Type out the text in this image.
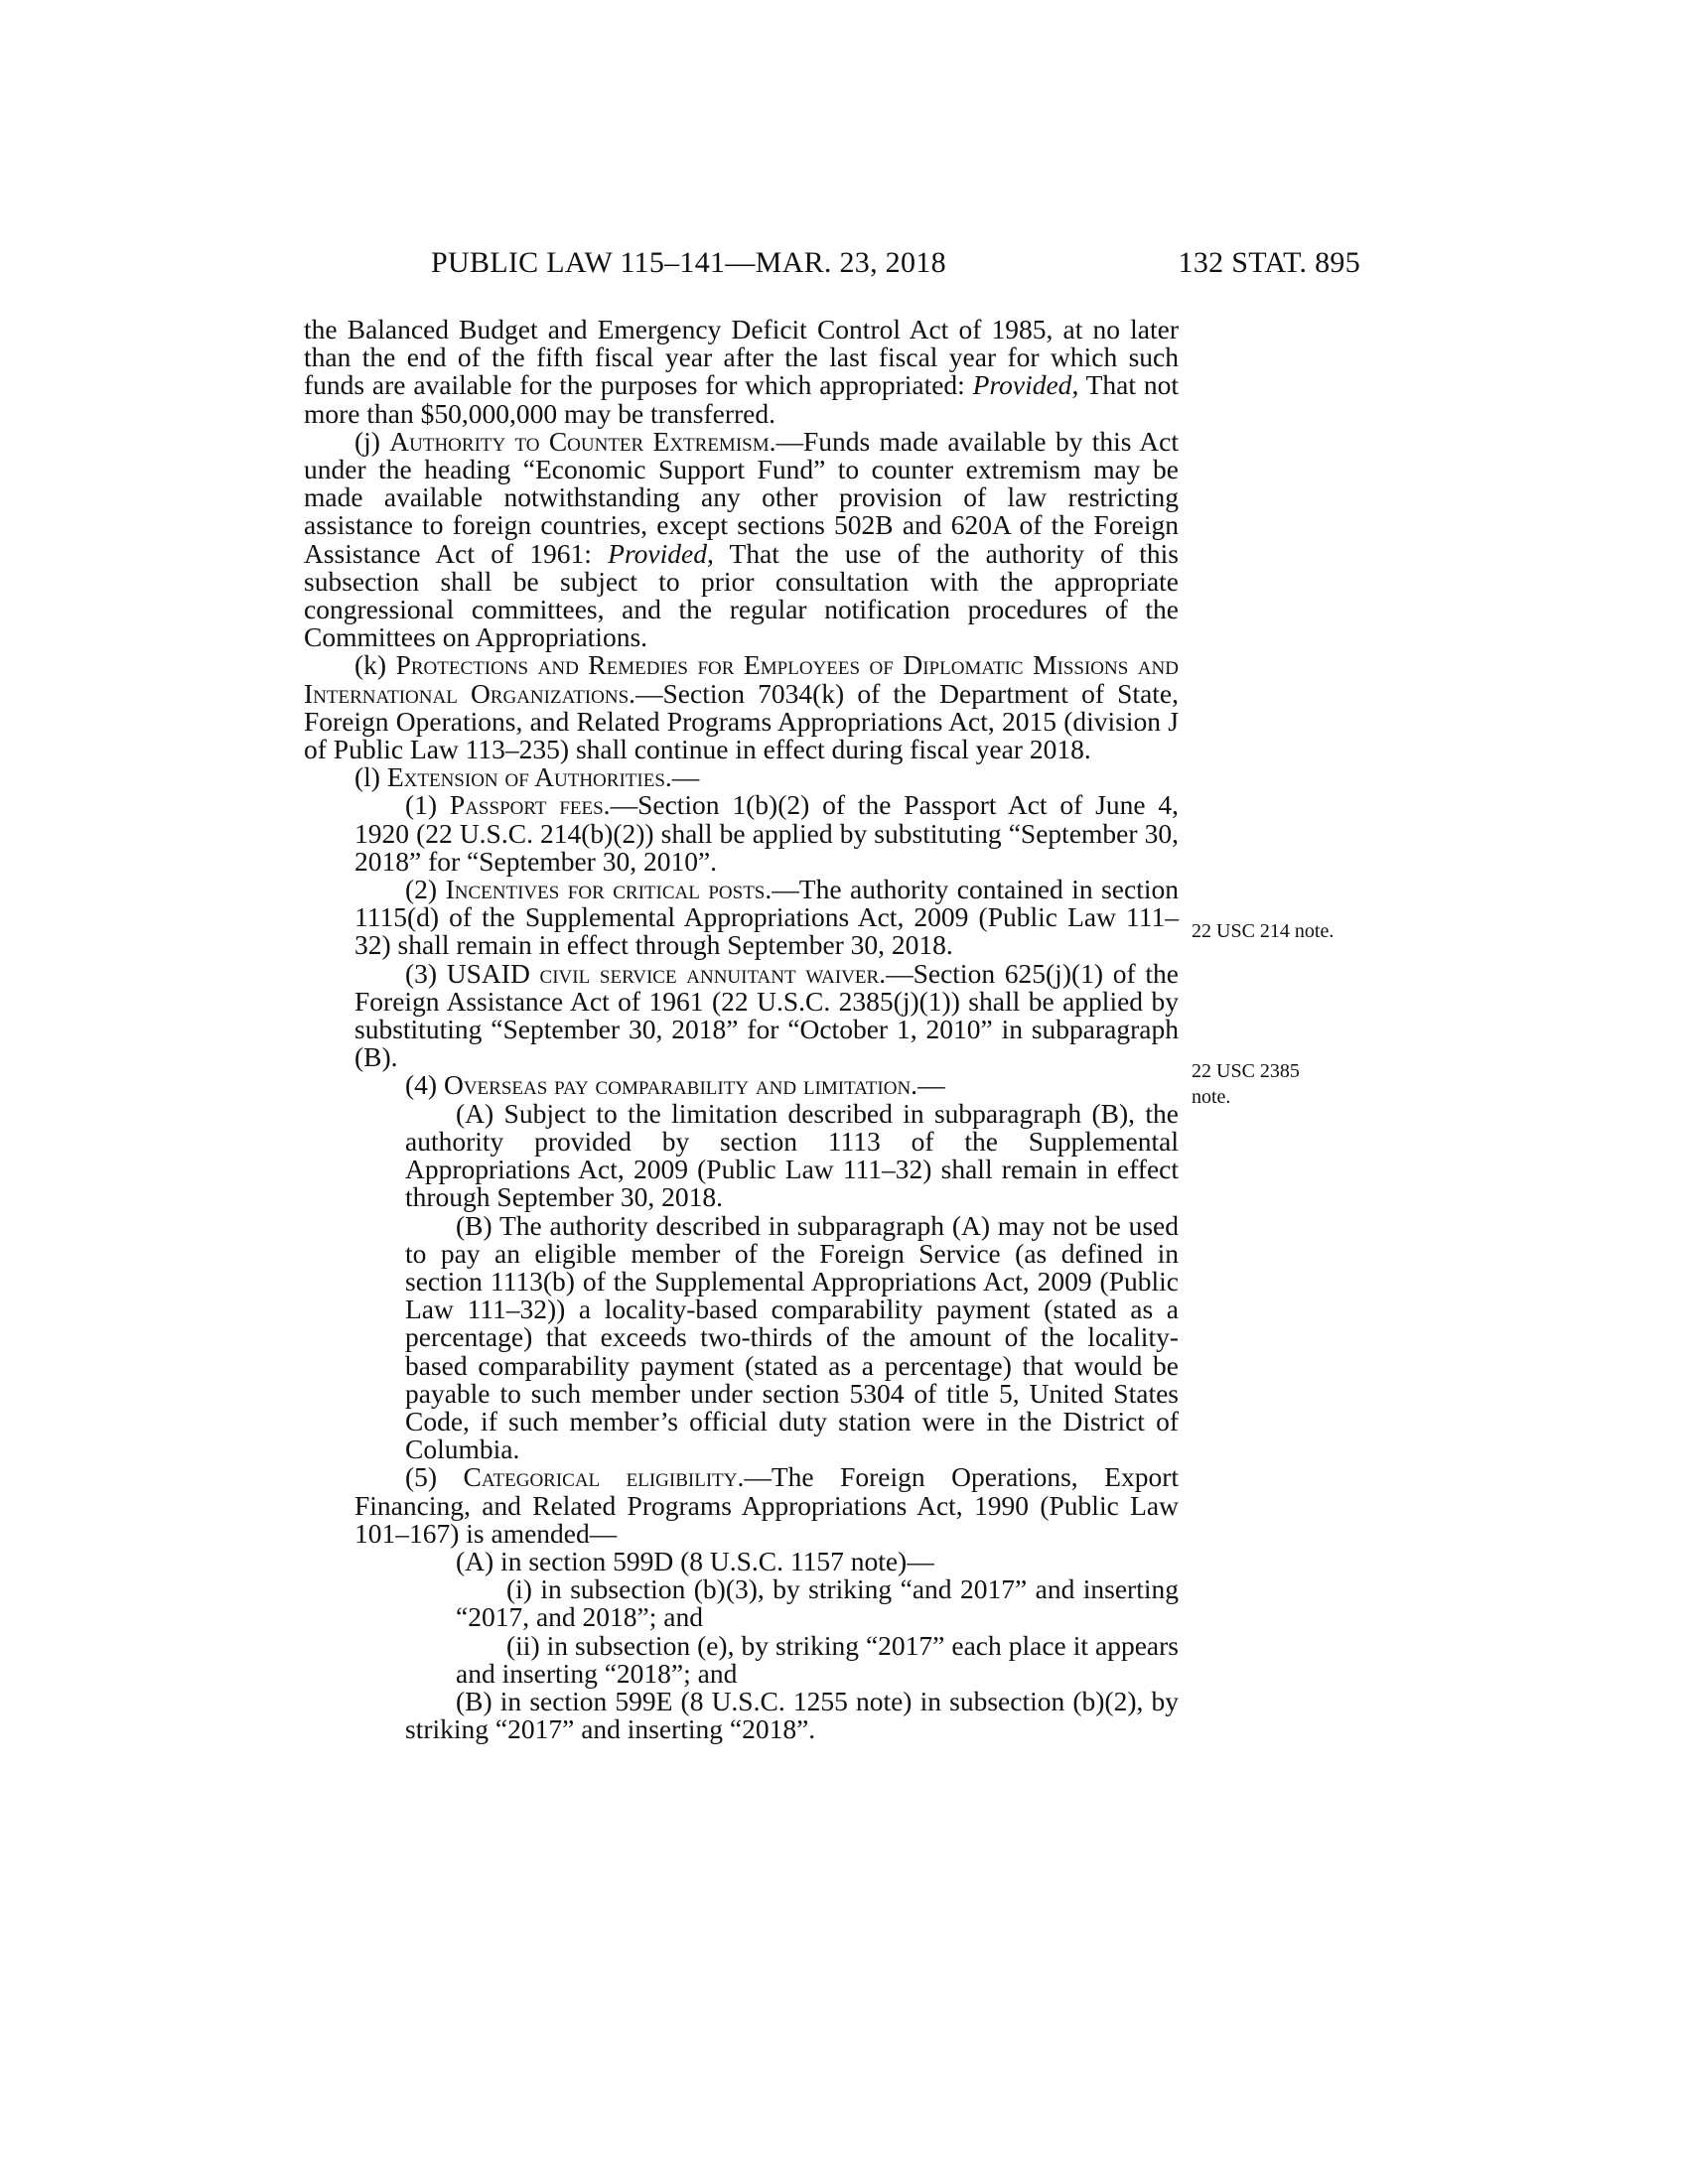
PUBLIC LAW 115–141—MAR. 23, 2018	132 STAT. 895

the Balanced Budget and Emergency Deficit Control Act of 1985, at no later than the end of the fifth fiscal year after the last fiscal year for which such funds are available for the purposes for which appropriated: Provided, That not more than $50,000,000 may be transferred.

(j) Authority to Counter Extremism.—Funds made available by this Act under the heading “Economic Support Fund” to counter extremism may be made available notwithstanding any other provision of law restricting assistance to foreign countries, except sections 502B and 620A of the Foreign Assistance Act of 1961: Provided, That the use of the authority of this subsection shall be subject to prior consultation with the appropriate congressional committees, and the regular notification procedures of the Committees on Appropriations.

(k) Protections and Remedies for Employees of Diplomatic Missions and International Organizations.—Section 7034(k) of the Department of State, Foreign Operations, and Related Programs Appropriations Act, 2015 (division J of Public Law 113–235) shall continue in effect during fiscal year 2018.

(l) Extension of Authorities.—

(1) Passport fees.—Section 1(b)(2) of the Passport Act of June 4, 1920 (22 U.S.C. 214(b)(2)) shall be applied by substituting “September 30, 2018” for “September 30, 2010”.

(2) Incentives for critical posts.—The authority contained in section 1115(d) of the Supplemental Appropriations Act, 2009 (Public Law 111–32) shall remain in effect through September 30, 2018.

(3) USAID civil service annuitant waiver.—Section 625(j)(1) of the Foreign Assistance Act of 1961 (22 U.S.C. 2385(j)(1)) shall be applied by substituting “September 30, 2018” for “October 1, 2010” in subparagraph (B).

(4) Overseas pay comparability and limitation.—

(A) Subject to the limitation described in subparagraph (B), the authority provided by section 1113 of the Supplemental Appropriations Act, 2009 (Public Law 111–32) shall remain in effect through September 30, 2018.

(B) The authority described in subparagraph (A) may not be used to pay an eligible member of the Foreign Service (as defined in section 1113(b) of the Supplemental Appropriations Act, 2009 (Public Law 111–32)) a locality-based comparability payment (stated as a percentage) that exceeds two-thirds of the amount of the locality-based comparability payment (stated as a percentage) that would be payable to such member under section 5304 of title 5, United States Code, if such member’s official duty station were in the District of Columbia.

(5) Categorical eligibility.—The Foreign Operations, Export Financing, and Related Programs Appropriations Act, 1990 (Public Law 101–167) is amended—

(A) in section 599D (8 U.S.C. 1157 note)—

(i) in subsection (b)(3), by striking “and 2017” and inserting “2017, and 2018”; and

(ii) in subsection (e), by striking “2017” each place it appears and inserting “2018”; and

(B) in section 599E (8 U.S.C. 1255 note) in subsection (b)(2), by striking “2017” and inserting “2018”.

22 USC 214 note.
22 USC 2385
note.
